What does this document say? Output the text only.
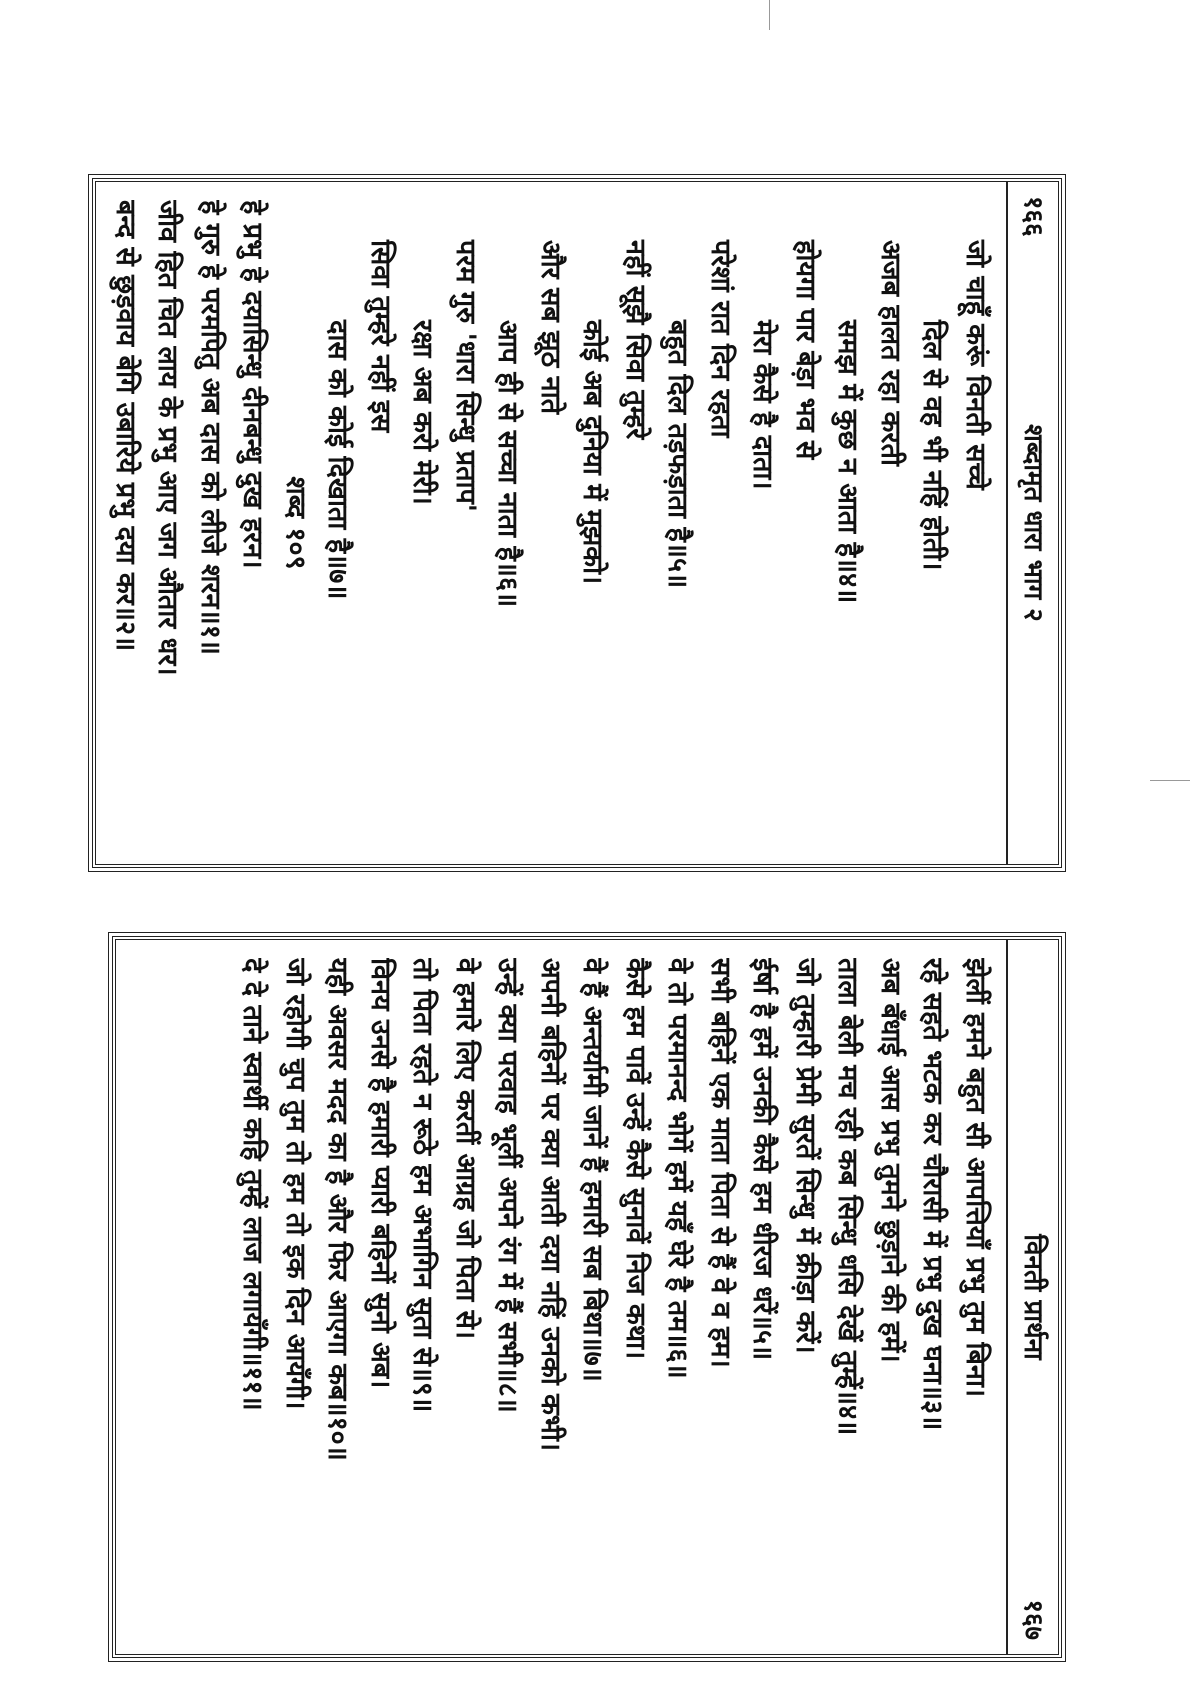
१६६
शब्दामृत धारा भाग २
जो चाहूँ करूं विनती सच्चे
दिल से वह भी नहिं होती।
अजब हालत रहा करती
समझ में कुछ न आता है॥४॥
होयगा पार बेड़ा भव से
मेरा कैसे है दाता।
परेशां रात दिन रहता
बहुत दिल तड़फड़ाता है॥५॥
नहीं सूझै सिवा तुम्हरे
कोई अब दुनिया में मुझको।
और सब झूठ नाते
आप ही से सच्चा नाता है॥६॥
परम गुरु 'धारा सिन्धु प्रताप'
रक्षा अब करो मेरी।
सिवा तुम्हरे नहीं इस
दास को कोई दिखाता है॥७॥
शब्द १०९
हे प्रभु हे दयासिन्धु दीनबन्धु दुख हरन।
हे गुरु हे परमपितु अब दास को लीजे शरन॥१॥
जीव हित चित लाय के प्रभु आए जग औतार धर।
बन्द से छुड़वाय बेगि उबारिये प्रभु दया कर॥२॥
विनती प्रार्थना
१६७
झेलीं हमने बहुत सी आपत्तियाँ प्रभु तुम बिना।
रहे सहते भटक कर चौरासी में प्रभु दुख घना॥३॥
अब बँधाई आस प्रभु तुमने छुड़ाने की हमें।
ताला बेली मच रही कब सिन्धु धसि देखें तुम्हें॥४॥
जो तुम्हारी प्रेमी सुरतें सिन्धु में क्रीड़ा करें।
ईर्षा है हमें उनकी कैसे हम धीरज धरें॥५॥
सभी बहिनें एक माता पिता से हैं वे व हम।
वे तो परमानन्द भोगें हमें यहँ घेरे है तम॥६॥
कैसे हम पावें उन्हें कैसे सुनावें निज कथा।
वे हैं अन्तर्यामी जानें हैं हमारी सब बिथा॥७॥
अपनी बहिनों पर क्या आती दया नहिं उनको कभी।
उन्हें क्या परवाह भूलीं अपने रंग में हैं सभी॥८॥
वे हमारे लिए करतीं आग्रह जो पिता से।
तो पिता रहते न रूठे हम अभागिन सुता से॥९॥
विनय उनसे है हमारी प्यारी बहिनों सुनो अब।
यही अवसर मदद का है और फिर आएगा कब॥१०॥
जो रहोगी चुप तुम तो हम तो इक दिन आयँगी।
दे दे ताने स्वार्थी कहि तुम्हें लाज लगायँगी॥११॥
